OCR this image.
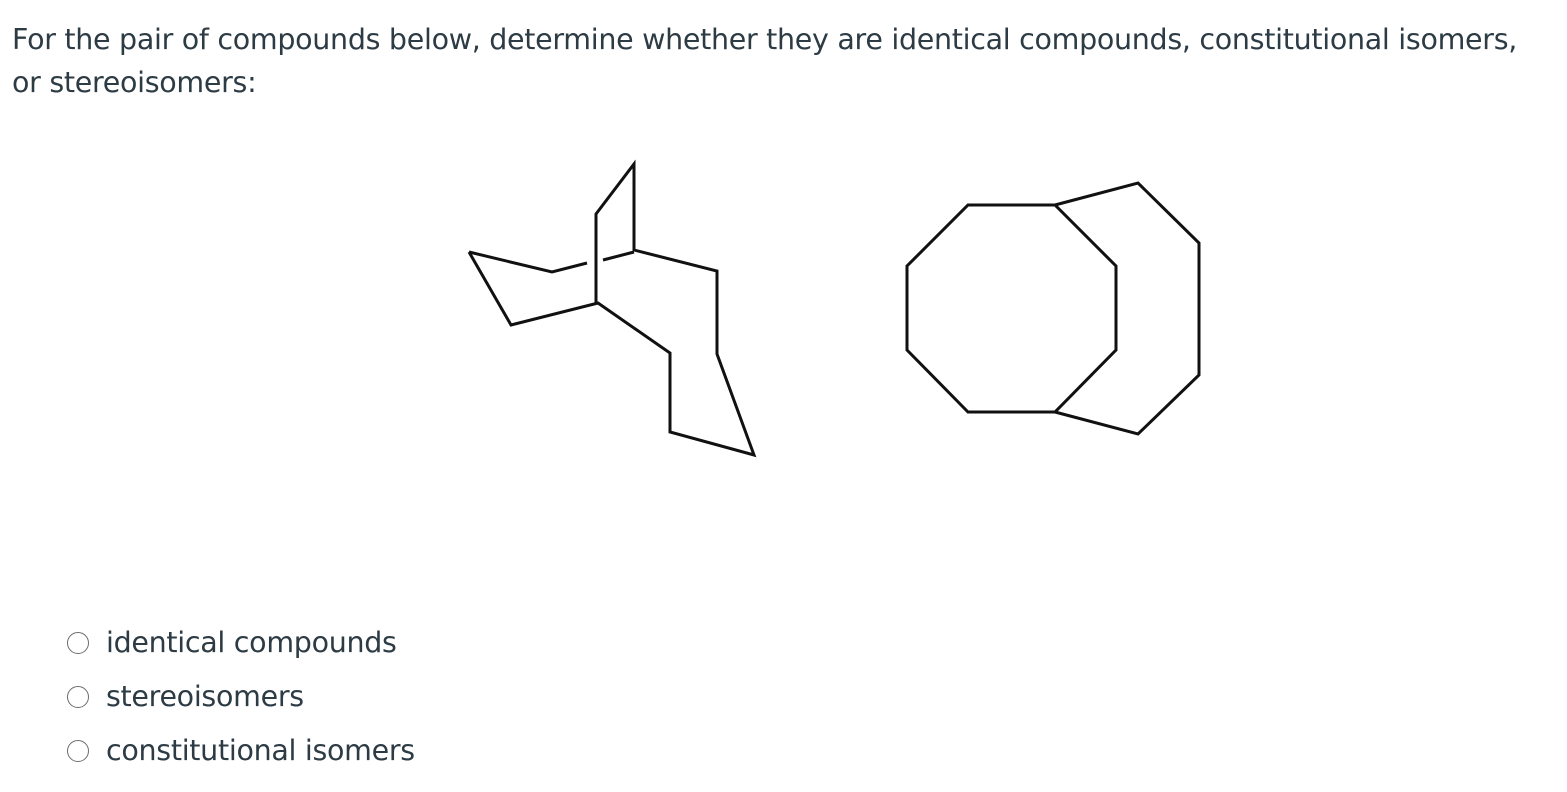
For the pair of compounds below, determine whether they are identical compounds, constitutional isomers, or stereoisomers:

identical compounds
stereoisomers
constitutional isomers
